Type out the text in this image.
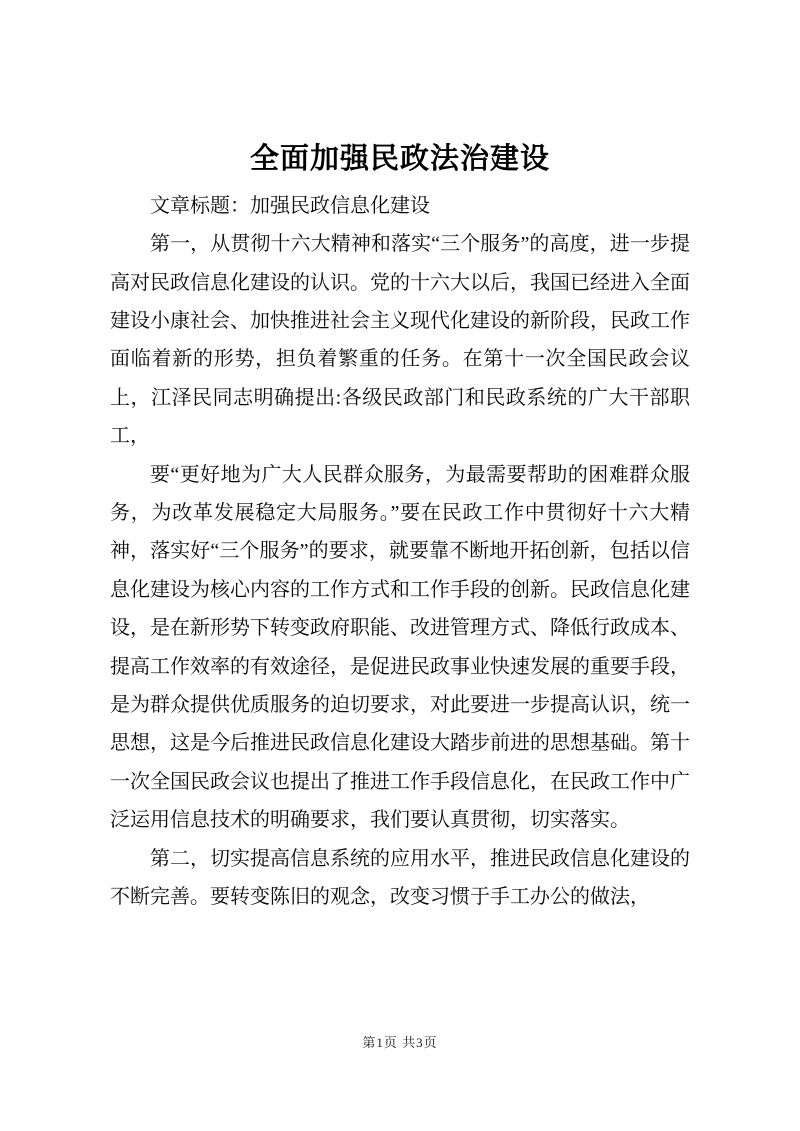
全面加强民政法治建设

文章标题：加强民政信息化建设

第一，从贯彻十六大精神和落实“三个服务”的高度，进一步提高对民政信息化建设的认识。党的十六大以后，我国已经进入全面建设小康社会、加快推进社会主义现代化建设的新阶段，民政工作面临着新的形势，担负着繁重的任务。在第十一次全国民政会议上，江泽民同志明确提出:各级民政部门和民政系统的广大干部职工，

要“更好地为广大人民群众服务，为最需要帮助的困难群众服务，为改革发展稳定大局服务。”要在民政工作中贯彻好十六大精神，落实好“三个服务”的要求，就要靠不断地开拓创新，包括以信息化建设为核心内容的工作方式和工作手段的创新。民政信息化建设，是在新形势下转变政府职能、改进管理方式、降低行政成本、提高工作效率的有效途径，是促进民政事业快速发展的重要手段，是为群众提供优质服务的迫切要求，对此要进一步提高认识，统一思想，这是今后推进民政信息化建设大踏步前进的思想基础。第十一次全国民政会议也提出了推进工作手段信息化，在民政工作中广泛运用信息技术的明确要求，我们要认真贯彻，切实落实。

第二，切实提高信息系统的应用水平，推进民政信息化建设的不断完善。要转变陈旧的观念，改变习惯于手工办公的做法，

第1页 共3页
